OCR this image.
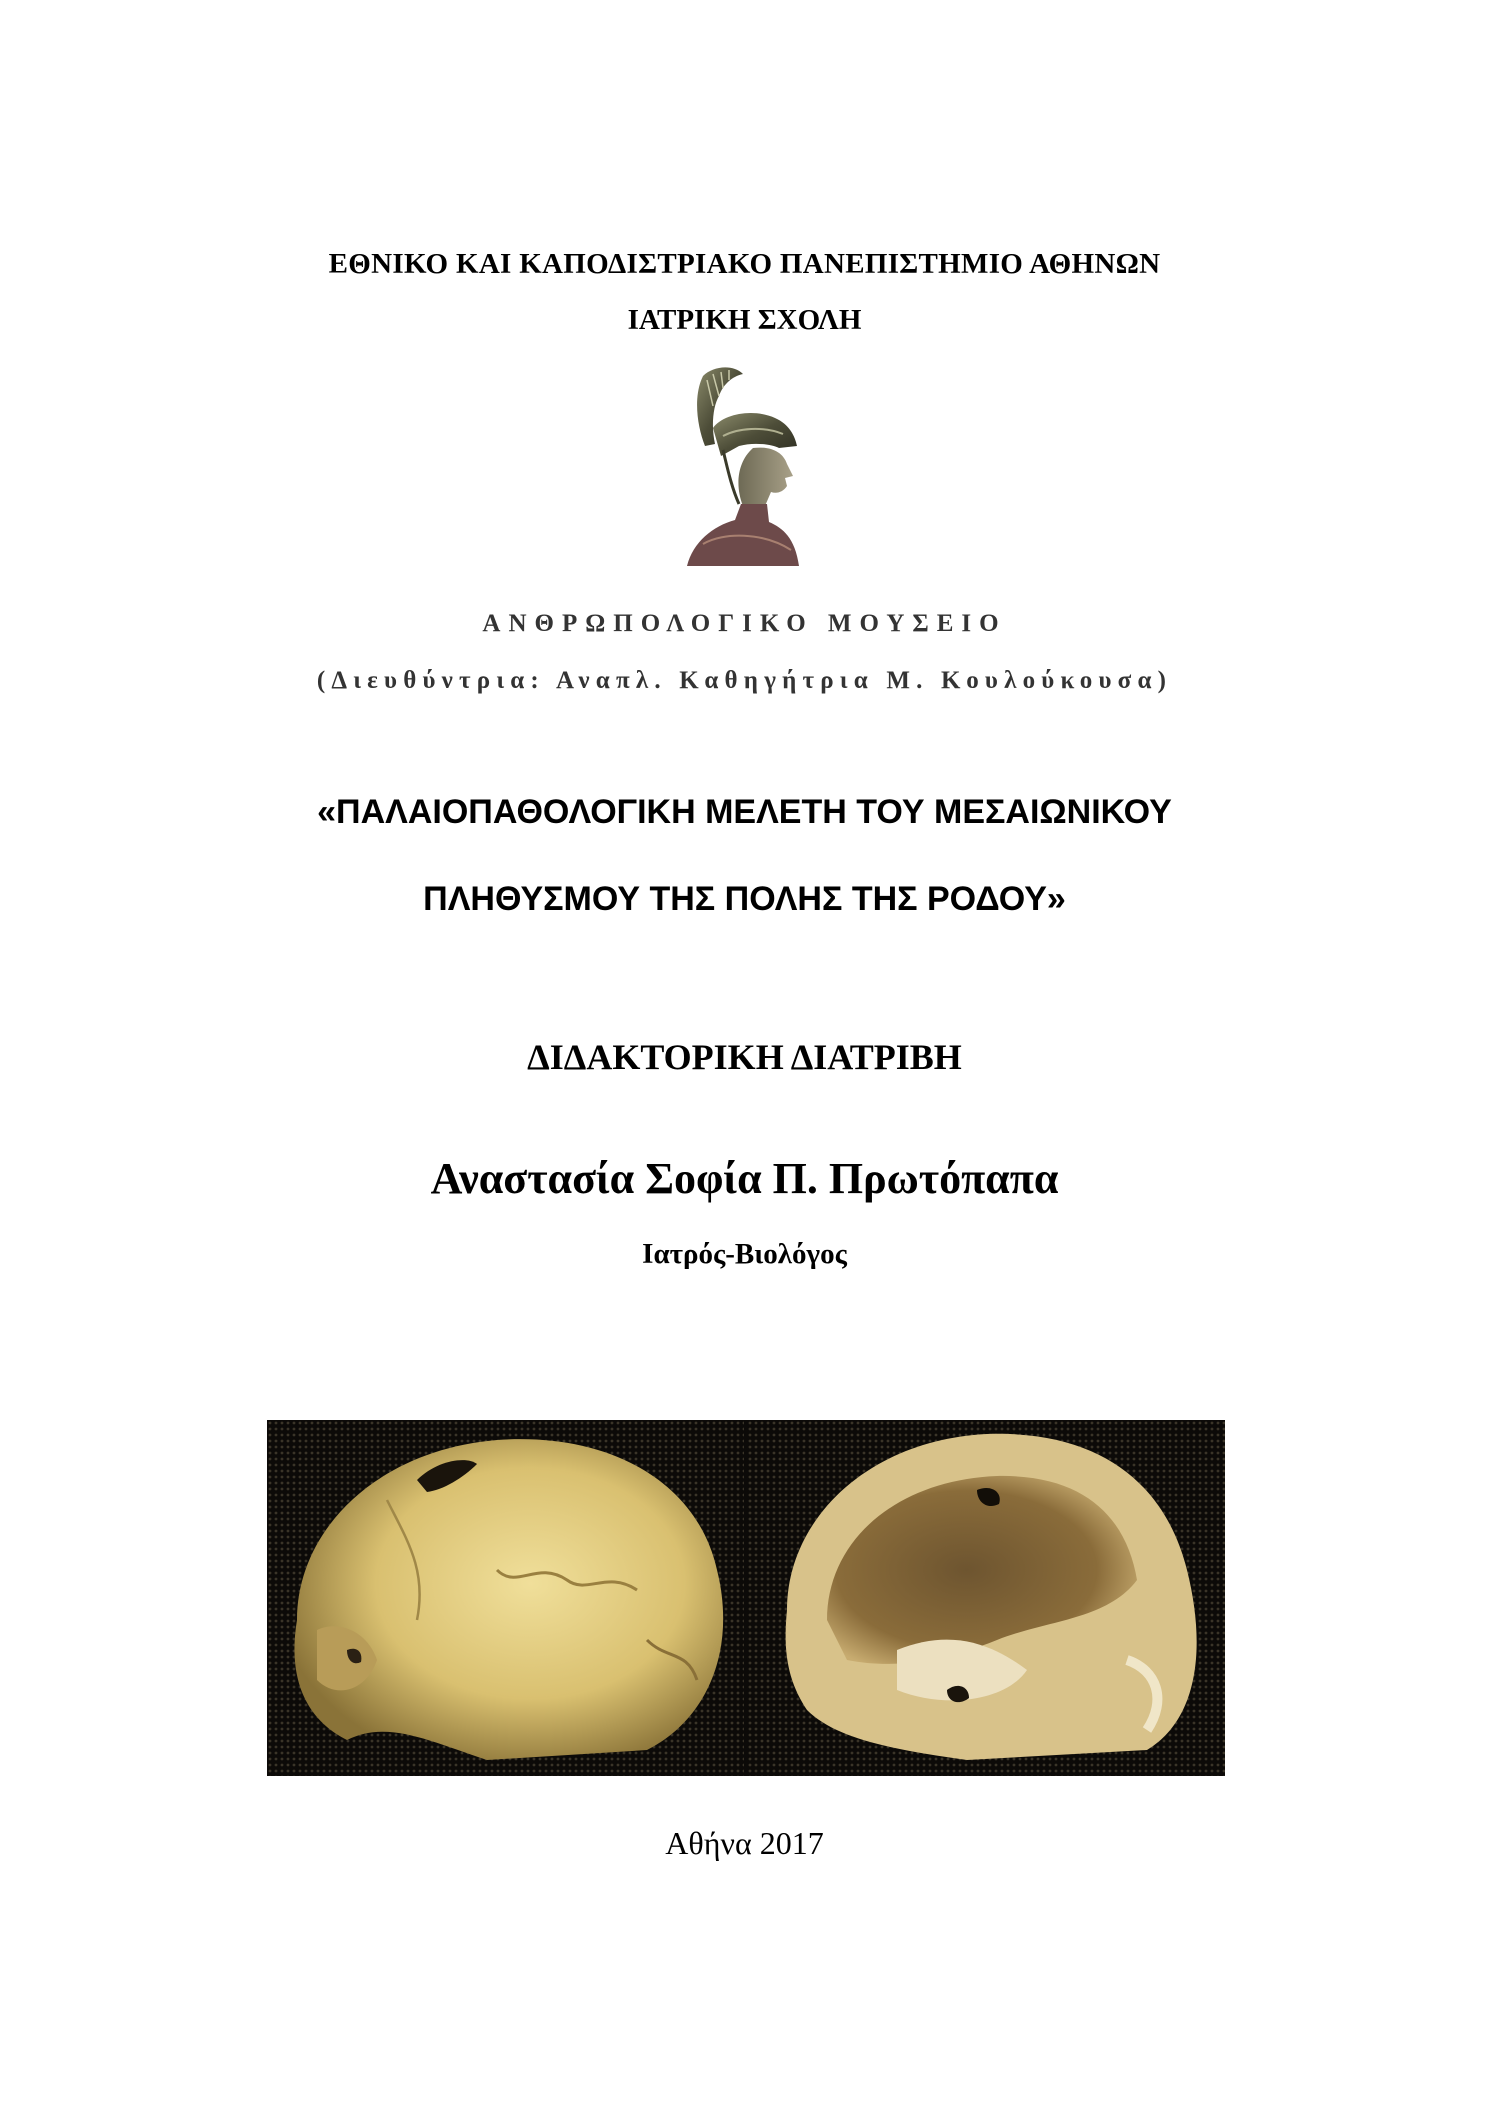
ΕΘΝΙΚΟ ΚΑΙ ΚΑΠΟΔΙΣΤΡΙΑΚΟ ΠΑΝΕΠΙΣΤΗΜΙΟ ΑΘΗΝΩΝ
ΙΑΤΡΙΚΗ ΣΧΟΛΗ
ΑΝΘΡΩΠΟΛΟΓΙΚΟ ΜΟΥΣΕΙΟ
(Διευθύντρια: Αναπλ. Καθηγήτρια Μ. Κουλούκουσα)
«ΠΑΛΑΙΟΠΑΘΟΛΟΓΙΚΗ ΜΕΛΕΤΗ ΤΟΥ ΜΕΣΑΙΩΝΙΚΟΥ
ΠΛΗΘΥΣΜΟΥ ΤΗΣ ΠΟΛΗΣ ΤΗΣ ΡΟΔΟΥ»
ΔΙΔΑΚΤΟΡΙΚΗ ΔΙΑΤΡΙΒΗ
Αναστασία Σοφία Π. Πρωτόπαπα
Ιατρός-Βιολόγος
Αθήνα 2017
